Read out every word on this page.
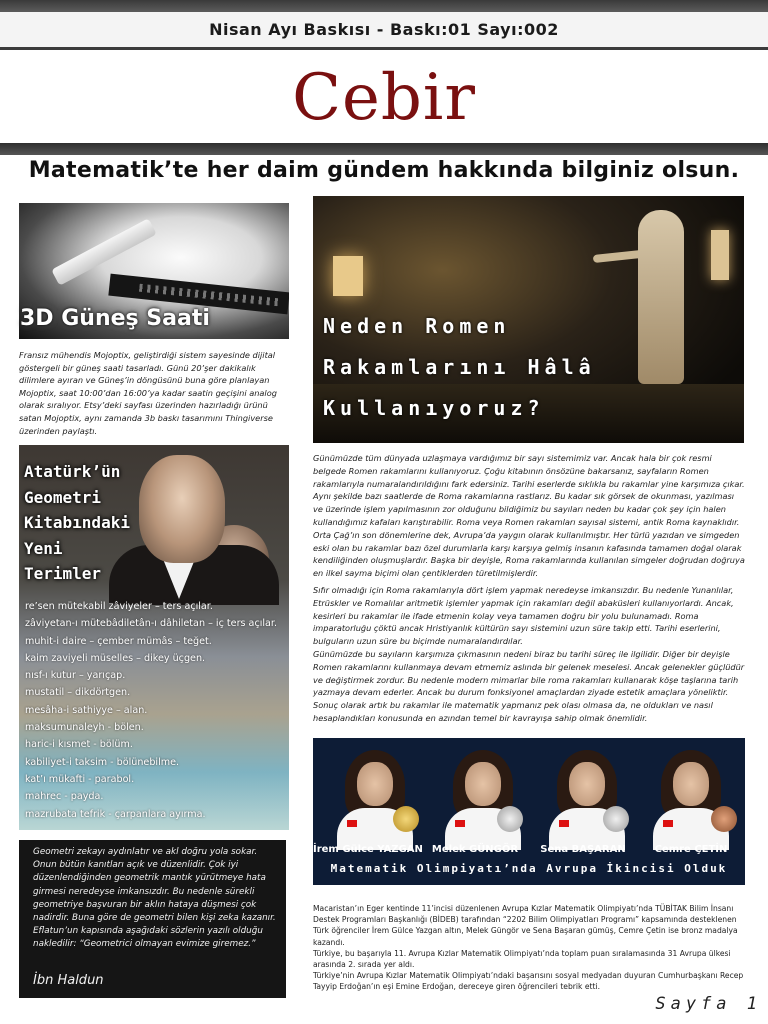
Nisan Ayı Baskısı - Baskı:01 Sayı:002
Cebir
Matematik’te her daim gündem hakkında bilginiz olsun.
3D Güneş Saati
Fransız mühendis Mojoptix, geliştirdiği sistem sayesinde dijital göstergeli bir güneş saati tasarladı. Günü 20’şer dakikalık dilimlere ayıran ve Güneş’in döngüsünü buna göre planlayan Mojoptix, saat 10:00’dan 16:00’ya kadar saatin geçişini analog olarak sıralıyor. Etsy’deki sayfası üzerinden hazırladığı ürünü satan Mojoptix, aynı zamanda 3b baskı tasarımını Thingiverse üzerinden paylaştı.
Neden Romen
Rakamlarını Hâlâ
Kullanıyoruz?

Günümüzde tüm dünyada uzlaşmaya vardığımız bir sayı sistemimiz var. Ancak hala bir çok resmi belgede Romen rakamlarını kullanıyoruz. Çoğu kitabının önsözüne bakarsanız, sayfaların Romen rakamlarıyla numaralandırıldığını fark edersiniz. Tarihi eserlerde sıklıkla bu rakamlar yine karşımıza çıkar. Aynı şekilde bazı saatlerde de Roma rakamlarına rastlarız. Bu kadar sık görsek de okunması, yazılması ve üzerinde işlem yapılmasının zor olduğunu bildiğimiz bu sayıları neden bu kadar çok şey için halen kullandığımız kafaları karıştırabilir. Roma veya Romen rakamları sayısal sistemi, antik Roma kaynaklıdır. Orta Çağ’ın son dönemlerine dek, Avrupa’da yaygın olarak kullanılmıştır. Her türlü yazıdan ve simgeden eski olan bu rakamlar bazı özel durumlarla karşı karşıya gelmiş insanın kafasında tamamen doğal olarak kendiliğinden oluşmuşlardır. Başka bir deyişle, Roma rakamlarında kullanılan simgeler doğrudan doğruya en ilkel sayma biçimi olan çentiklerden türetilmişlerdir.

Sıfır olmadığı için Roma rakamlarıyla dört işlem yapmak neredeyse imkansızdır. Bu nedenle Yunanlılar, Etrüskler ve Romalılar aritmetik işlemler yapmak için rakamları değil abaküsleri kullanıyorlardı. Ancak, kesirleri bu rakamlar ile ifade etmenin kolay veya tamamen doğru bir yolu bulunamadı. Roma imparatorluğu çöktü ancak Hristiyanlık kültürün sayı sistemini uzun süre takip etti. Tarihi eserlerini, bulguların uzun süre bu biçimde numaralandırdılar.
Günümüzde bu sayıların karşımıza çıkmasının nedeni biraz bu tarihi süreç ile ilgilidir. Diğer bir deyişle Romen rakamlarını kullanmaya devam etmemiz aslında bir gelenek meselesi. Ancak gelenekler güçlüdür ve değiştirmek zordur. Bu nedenle modern mimarlar bile roma rakamları kullanarak köşe taşlarına tarih yazmaya devam ederler. Ancak bu durum fonksiyonel amaçlardan ziyade estetik amaçlara yöneliktir. Sonuç olarak artık bu rakamlar ile matematik yapmanız pek olası olmasa da, ne oldukları ve nasıl hesaplandıkları konusunda en azından temel bir kavrayışa sahip olmak önemlidir.

Atatürk’ün
Geometri
Kitabındaki
Yeni
Terimler
re’sen mütekabil zâviyeler – ters açılar.
zâviyetan-ı mütebâdiletân-ı dâhiletan – iç ters açılar.
muhit-i daire – çember mümâs – teğet.
kaim zaviyeli müselles – dikey üçgen.
nısf-ı kutur – yarıçap.
mustatil – dikdörtgen.
mesâha-i sathiyye – alan.
maksumunaleyh - bölen.
haric-i kısmet - bölüm.
kabiliyet-i taksim - bölünebilme.
kat’ı mükafti - parabol.
mahrec - payda.
mazrubata tefrik - çarpanlara ayırma.
Geometri zekayı aydınlatır ve akl doğru yola sokar. Onun bütün kanıtları açık ve düzenlidir. Çok iyi düzenlendiğinden geometrik mantık yürütmeye hata girmesi neredeyse imkansızdır. Bu nedenle sürekli geometriye başvuran bir aklın hataya düşmesi çok nadirdir. Buna göre de geometri bilen kişi zeka kazanır. Eflatun’un kapısında aşağıdaki sözlerin yazılı olduğu nakledilir: “Geometrici olmayan evimize giremez.”
İbn Haldun
İrem Gülce YAZGAN Melek GÜNGÖR	Sena BAŞARAN	Cemre ÇETİN
Matematik Olimpiyatı’nda Avrupa İkincisi Olduk
Macaristan’ın Eger kentinde 11’incisi düzenlenen Avrupa Kızlar Matematik Olimpiyatı’nda TÜBİTAK Bilim İnsanı Destek Programları Başkanlığı (BİDEB) tarafından “2202 Bilim Olimpiyatları Programı” kapsamında desteklenen Türk öğrenciler İrem Gülce Yazgan altın, Melek Güngör ve Sena Başaran gümüş, Cemre Çetin ise bronz madalya kazandı.
Türkiye, bu başarıyla 11. Avrupa Kızlar Matematik Olimpiyatı’nda toplam puan sıralamasında 31 Avrupa ülkesi arasında 2. sırada yer aldı.
Türkiye’nin Avrupa Kızlar Matematik Olimpiyatı’ndaki başarısını sosyal medyadan duyuran Cumhurbaşkanı Recep Tayyip Erdoğan’ın eşi Emine Erdoğan, dereceye giren öğrencileri tebrik etti.
Sayfa 1
